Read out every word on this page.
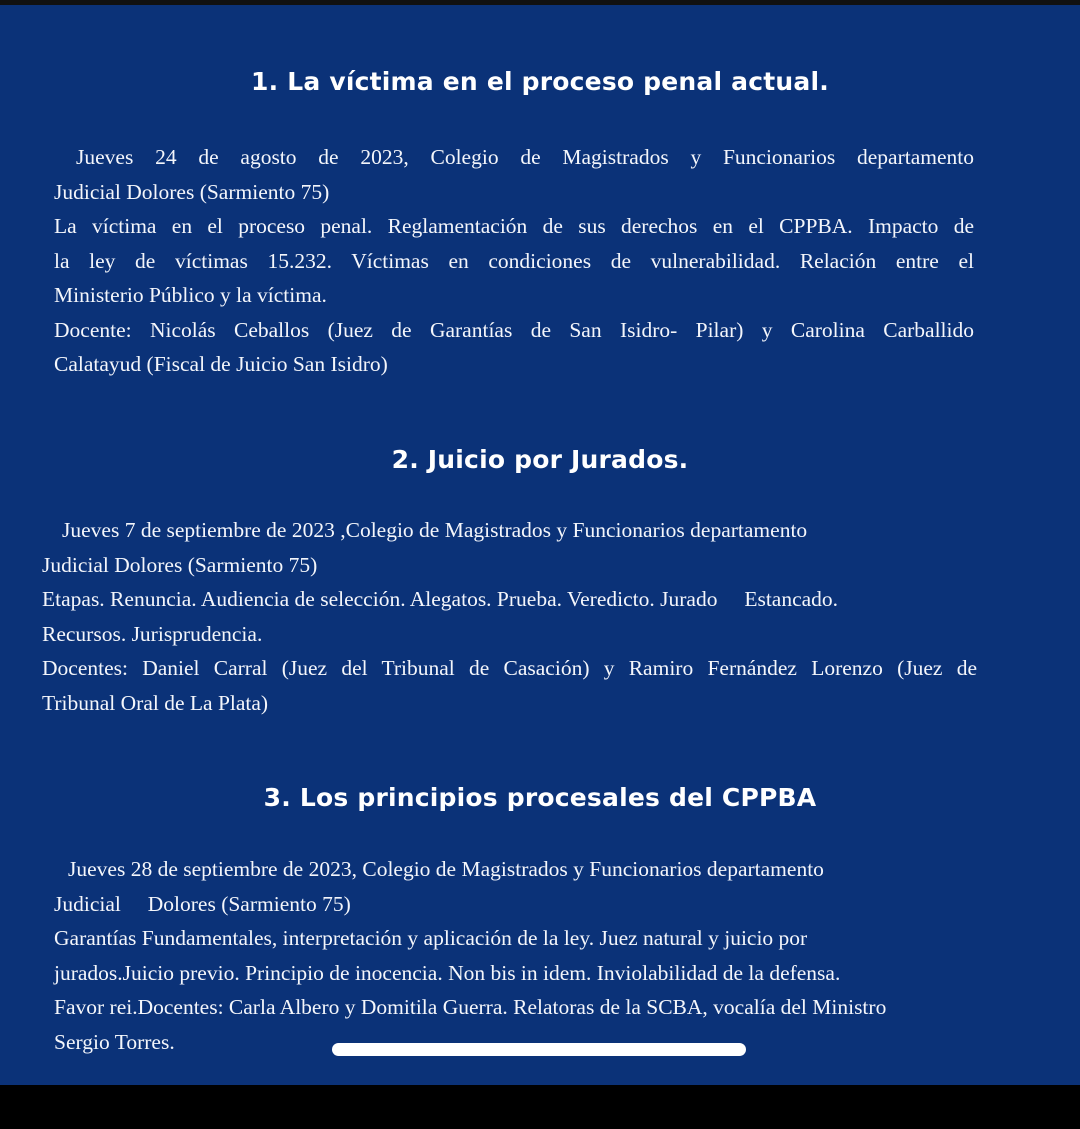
1. La víctima en el proceso penal actual.
Jueves 24 de agosto de 2023, Colegio de Magistrados y Funcionarios departamento
Judicial Dolores (Sarmiento 75)
La víctima en el proceso penal. Reglamentación de sus derechos en el CPPBA. Impacto de
la ley de víctimas 15.232. Víctimas en condiciones de vulnerabilidad. Relación entre el
Ministerio Público y la víctima.
Docente: Nicolás Ceballos (Juez de Garantías de San Isidro- Pilar) y Carolina Carballido
Calatayud (Fiscal de Juicio San Isidro)
2. Juicio por Jurados.
Jueves 7 de septiembre de 2023 ,Colegio de Magistrados y Funcionarios departamento
Judicial Dolores (Sarmiento 75)
Etapas. Renuncia. Audiencia de selección. Alegatos. Prueba. Veredicto. Jurado     Estancado.
Recursos. Jurisprudencia.
Docentes: Daniel Carral (Juez del Tribunal de Casación) y Ramiro Fernández Lorenzo (Juez de
Tribunal Oral de La Plata)
3. Los principios procesales del CPPBA
Jueves 28 de septiembre de 2023, Colegio de Magistrados y Funcionarios departamento
Judicial     Dolores (Sarmiento 75)
Garantías Fundamentales, interpretación y aplicación de la ley. Juez natural y juicio por
jurados.Juicio previo. Principio de inocencia. Non bis in idem. Inviolabilidad de la defensa.
Favor rei.Docentes: Carla Albero y Domitila Guerra. Relatoras de la SCBA, vocalía del Ministro
Sergio Torres.
